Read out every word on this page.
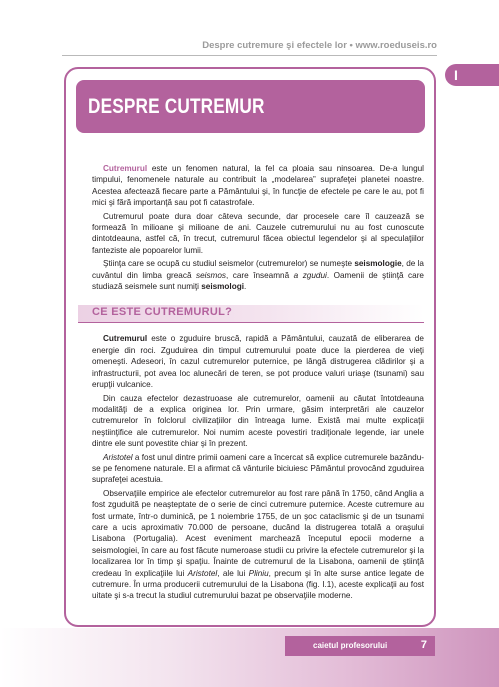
Despre cutremure şi efectele lor • www.roeduseis.ro
I
DESPRE CUTREMUR

Cutremurul este un fenomen natural, la fel ca ploaia sau ninsoarea. De-a lungul timpului, fenomenele naturale au contribuit la „modelarea” suprafeţei planetei noastre. Acestea afectează fiecare parte a Pământului şi, în funcţie de efectele pe care le au, pot fi mici şi fără importanţă sau pot fi catastrofale.

Cutremurul poate dura doar câteva secunde, dar procesele care îl cauzează se formează în milioane şi milioane de ani. Cauzele cutremurului nu au fost cunoscute dintotdeauna, astfel că, în trecut, cutremurul făcea obiectul legendelor şi al speculaţiilor fanteziste ale popoarelor lumii.

Ştiinţa care se ocupă cu studiul seismelor (cutremurelor) se numeşte seismologie, de la cuvântul din limba greacă seismos, care înseamnă a zgudui. Oamenii de ştiinţă care studiază seismele sunt numiţi seismologi.

CE ESTE CUTREMURUL?

Cutremurul este o zguduire bruscă, rapidă a Pământului, cauzată de eliberarea de energie din roci. Zguduirea din timpul cutremurului poate duce la pierderea de vieţi omeneşti. Adeseori, în cazul cutremurelor puternice, pe lângă distrugerea clădirilor şi a infrastructurii, pot avea loc alunecări de teren, se pot produce valuri uriaşe (tsunami) sau erupţii vulcanice.

Din cauza efectelor dezastruoase ale cutremurelor, oamenii au căutat întotdeauna modalităţi de a explica originea lor. Prin urmare, găsim interpretări ale cauzelor cutremurelor în folclorul civilizaţiilor din întreaga lume. Există mai multe explicaţii neştiinţifice ale cutremurelor. Noi numim aceste povestiri tradiţionale legende, iar unele dintre ele sunt povestite chiar şi în prezent.

Aristotel a fost unul dintre primii oameni care a încercat să explice cutremurele bazându-se pe fenomene naturale. El a afirmat că vânturile biciuiesc Pământul provocând zguduirea suprafeţei acestuia.

Observaţiile empirice ale efectelor cutremurelor au fost rare până în 1750, când Anglia a fost zguduită pe neaşteptate de o serie de cinci cutremure puternice. Aceste cutremure au fost urmate, într-o duminică, pe 1 noiembrie 1755, de un şoc cataclismic şi de un tsunami care a ucis aproximativ 70.000 de persoane, ducând la distrugerea totală a oraşului Lisabona (Portugalia). Acest eveniment marchează începutul epocii moderne a seismologiei, în care au fost făcute numeroase studii cu privire la efectele cutremurelor şi la localizarea lor în timp şi spaţiu. Înainte de cutremurul de la Lisabona, oamenii de ştiinţă credeau în explicaţiile lui Aristotel, ale lui Pliniu, precum şi în alte surse antice legate de cutremure. În urma producerii cutremurului de la Lisabona (fig. I.1), aceste explicaţii au fost uitate şi s-a trecut la studiul cutremurului bazat pe observaţiile moderne.

caietul profesorului	7
